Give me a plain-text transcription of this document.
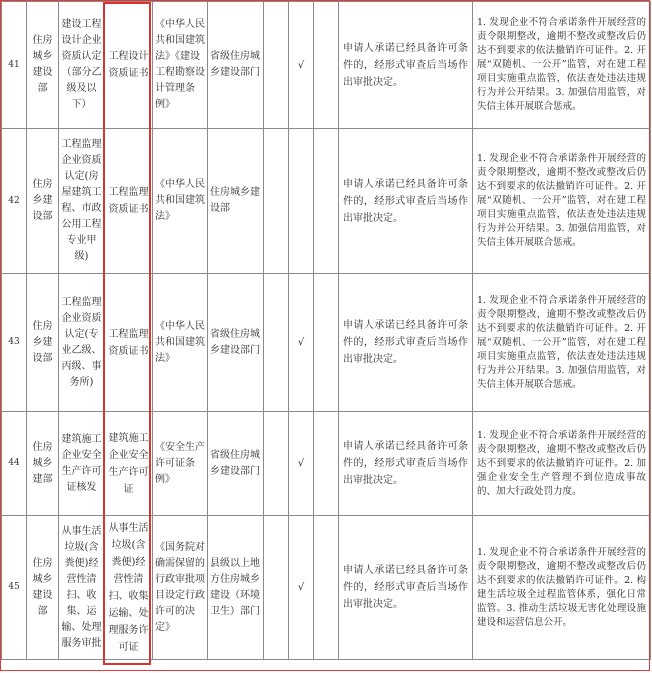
41	住房城乡建设部	建设工程设计企业资质认定（部分乙级及以下）	工程设计资质证书	《中华人民共和国建筑法》《建设工程勘察设计管理条例》	省级住房城乡建设部门		√		申请人承诺已经具备许可条件的，经形式审查后当场作出审批决定。	1. 发现企业不符合承诺条件开展经营的责令限期整改，逾期不整改或整改后仍达不到要求的依法撤销许可证件。2. 开展“双随机、一公开”监管，对在建工程项目实施重点监管，依法查处违法违规行为并公开结果。3. 加强信用监管，对失信主体开展联合惩戒。
42	住房乡建设部	工程监理企业资质认定(房屋建筑工程、市政公用工程专业甲级)	工程监理资质证书	《中华人民共和国建筑法》	住房城乡建设部				申请人承诺已经具备许可条件的，经形式审查后当场作出审批决定。	1. 发现企业不符合承诺条件开展经营的责令限期整改，逾期不整改或整改后仍达不到要求的依法撤销许可证件。2. 开展“双随机、一公开”监管，对在建工程项目实施重点监管，依法查处违法违规行为并公开结果。3. 加强信用监管，对失信主体开展联合惩戒。
43	住房乡建设部	工程监理企业资质认定(专业乙级、丙级、事务所)	工程监理资质证书	《中华人民共和国建筑法》	省级住房城乡建设部门		√		申请人承诺已经具备许可条件的，经形式审查后当场作出审批决定。	1. 发现企业不符合承诺条件开展经营的责令限期整改，逾期不整改或整改后仍达不到要求的依法撤销许可证件。2. 开展“双随机、一公开”监管，对在建工程项目实施重点监管，依法查处违法违规行为并公开结果。3. 加强信用监管，对失信主体开展联合惩戒。
44	住房城乡建部	建筑施工企业安全生产许可证核发	建筑施工企业安全生产许可证	《安全生产许可证条例》	省级住房城乡建设部门		√		申请人承诺已经具备许可条件的，经形式审查后当场作出审批决定。	1. 发现企业不符合承诺条件开展经营的责令限期整改，逾期不整改或整改后仍达不到要求的依法撤销许可证件。2. 加强企业安全生产管理不到位造成事故的、加大行政处罚力度。
45	住房城乡建设部	从事生活垃圾(含粪便)经营性清扫、收集、运输、处理服务审批	从事生活垃圾(含粪便)经营性清扫、收集运输、处理服务许可证	《国务院对确需保留的行政审批项目设定行政许可的决定》	县级以上地方住房城乡建设（环境卫生）部门		√		申请人承诺已经具备许可条件的，经形式审查后当场作出审批决定。	1. 发现企业不符合承诺条件开展经营的责令限期整改，逾期不整改或整改后仍达不到要求的依法撤销许可证件。2. 构建生活垃圾全过程监管体系，强化日常监管。3. 推动生活垃圾无害化处理设施建设和运营信息公开。
